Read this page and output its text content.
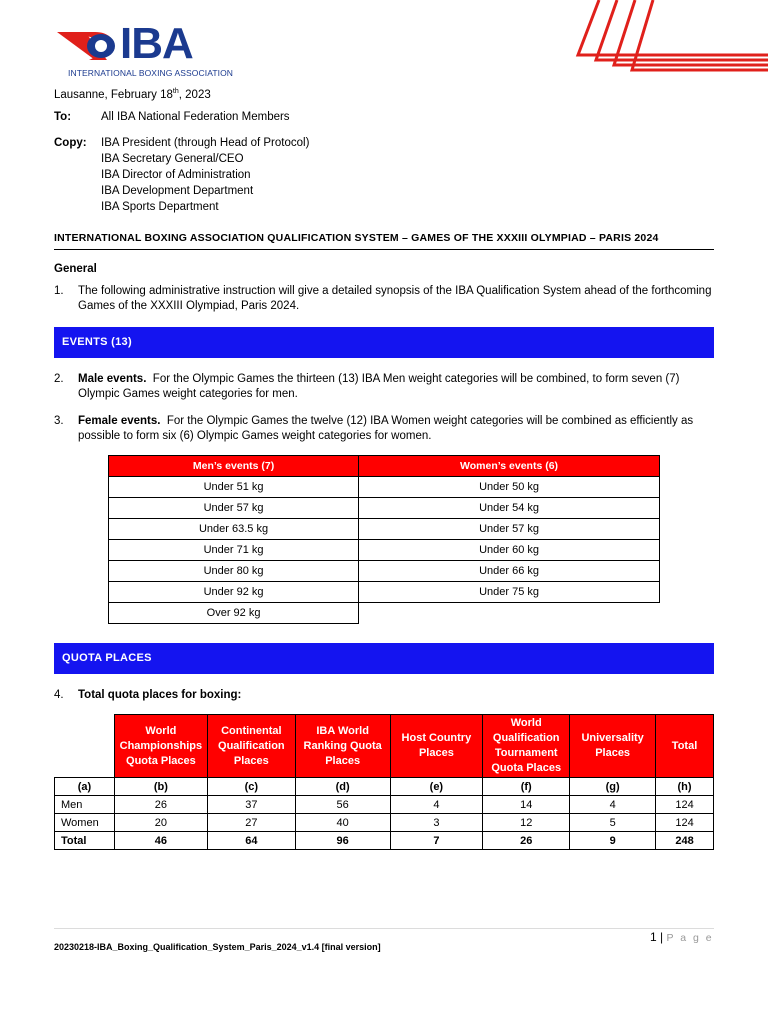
IBA
INTERNATIONAL BOXING ASSOCIATION
Lausanne, February 18th, 2023
To:	All IBA National Federation Members
Copy: IBA President (through Head of Protocol)
IBA Secretary General/CEO
IBA Director of Administration
IBA Development Department
IBA Sports Department
INTERNATIONAL BOXING ASSOCIATION QUALIFICATION SYSTEM – GAMES OF THE XXXIII OLYMPIAD – PARIS 2024
General
1. The following administrative instruction will give a detailed synopsis of the IBA Qualification System ahead of the forthcoming Games of the XXXIII Olympiad, Paris 2024.
EVENTS (13)
2. Male events. For the Olympic Games the thirteen (13) IBA Men weight categories will be combined, to form seven (7) Olympic Games weight categories for men.
3. Female events. For the Olympic Games the twelve (12) IBA Women weight categories will be combined as efficiently as possible to form six (6) Olympic Games weight categories for women.
Men’s events (7)	Women’s events (6)
Under 51 kg	Under 50 kg
Under 57 kg	Under 54 kg
Under 63.5 kg	Under 57 kg
Under 71 kg	Under 60 kg
Under 80 kg	Under 66 kg
Under 92 kg	Under 75 kg
Over 92 kg	
QUOTA PLACES
4. Total quota places for boxing:
	World Championships Quota Places	Continental Qualification Places	IBA World Ranking Quota Places	Host Country Places	World Qualification Tournament Quota Places	Universality Places	Total
(a)	(b)	(c)	(d)	(e)	(f)	(g)	(h)
Men	26	37	56	4	14	4	124
Women	20	27	40	3	12	5	124
Total	46	64	96	7	26	9	248
1 | P a g e
20230218-IBA_Boxing_Qualification_System_Paris_2024_v1.4 [final version]
